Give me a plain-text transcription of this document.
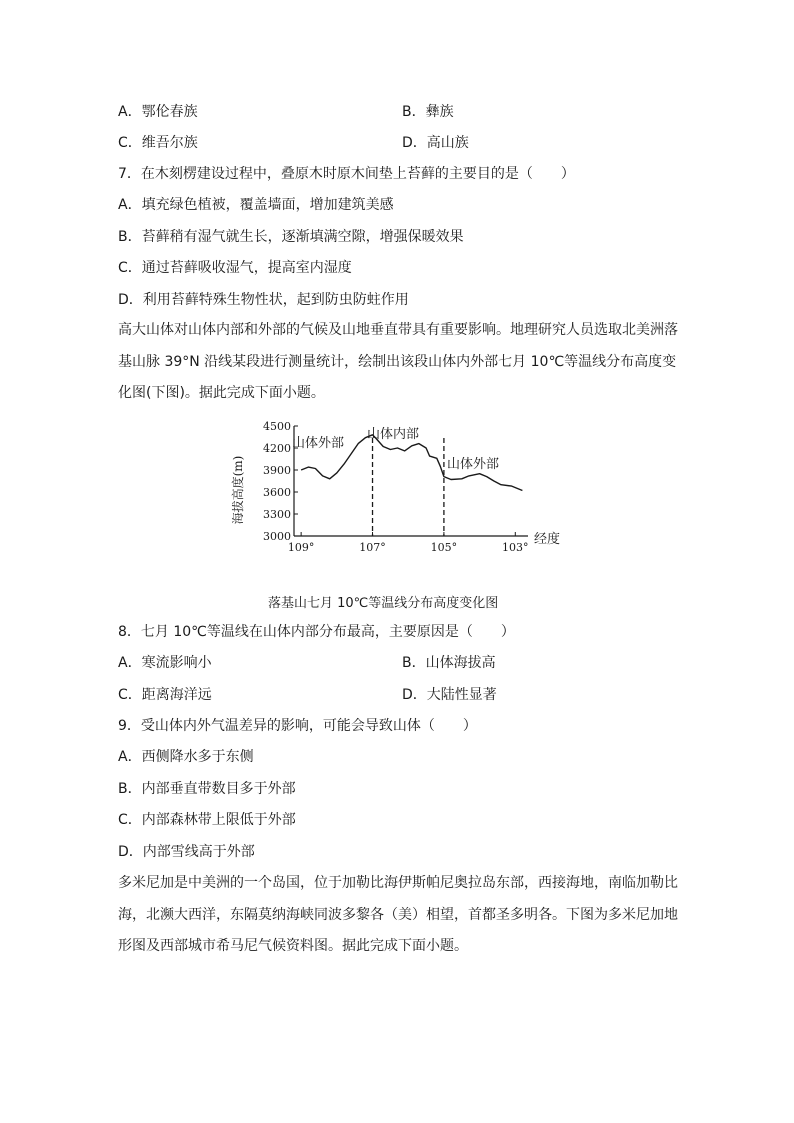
A．鄂伦春族	B．彝族
C．维吾尔族	D．高山族
7．在木刻楞建设过程中，叠原木时原木间垫上苔藓的主要目的是（　　）
A．填充绿色植被，覆盖墙面，增加建筑美感
B．苔藓稍有湿气就生长，逐渐填满空隙，增强保暖效果
C．通过苔藓吸收湿气，提高室内湿度
D．利用苔藓特殊生物性状，起到防虫防蛀作用
高大山体对山体内部和外部的气候及山地垂直带具有重要影响。地理研究人员选取北美洲落
基山脉 39°N 沿线某段进行测量统计，绘制出该段山体内外部七月 10℃等温线分布高度变
化图(下图)。据此完成下面小题。
4500
4200
3900
3600
3300
3000
109°	107°	105°	103°
山体外部
山体内部
山体外部
经度
海拔高度(m)
落基山七月 10℃等温线分布高度变化图
8．七月 10℃等温线在山体内部分布最高，主要原因是（　　）
A．寒流影响小	B．山体海拔高
C．距离海洋远	D．大陆性显著
9．受山体内外气温差异的影响，可能会导致山体（　　）
A．西侧降水多于东侧
B．内部垂直带数目多于外部
C．内部森林带上限低于外部
D．内部雪线高于外部
多米尼加是中美洲的一个岛国，位于加勒比海伊斯帕尼奥拉岛东部，西接海地，南临加勒比
海，北濒大西洋，东隔莫纳海峡同波多黎各（美）相望，首都圣多明各。下图为多米尼加地
形图及西部城市希马尼气候资料图。据此完成下面小题。
